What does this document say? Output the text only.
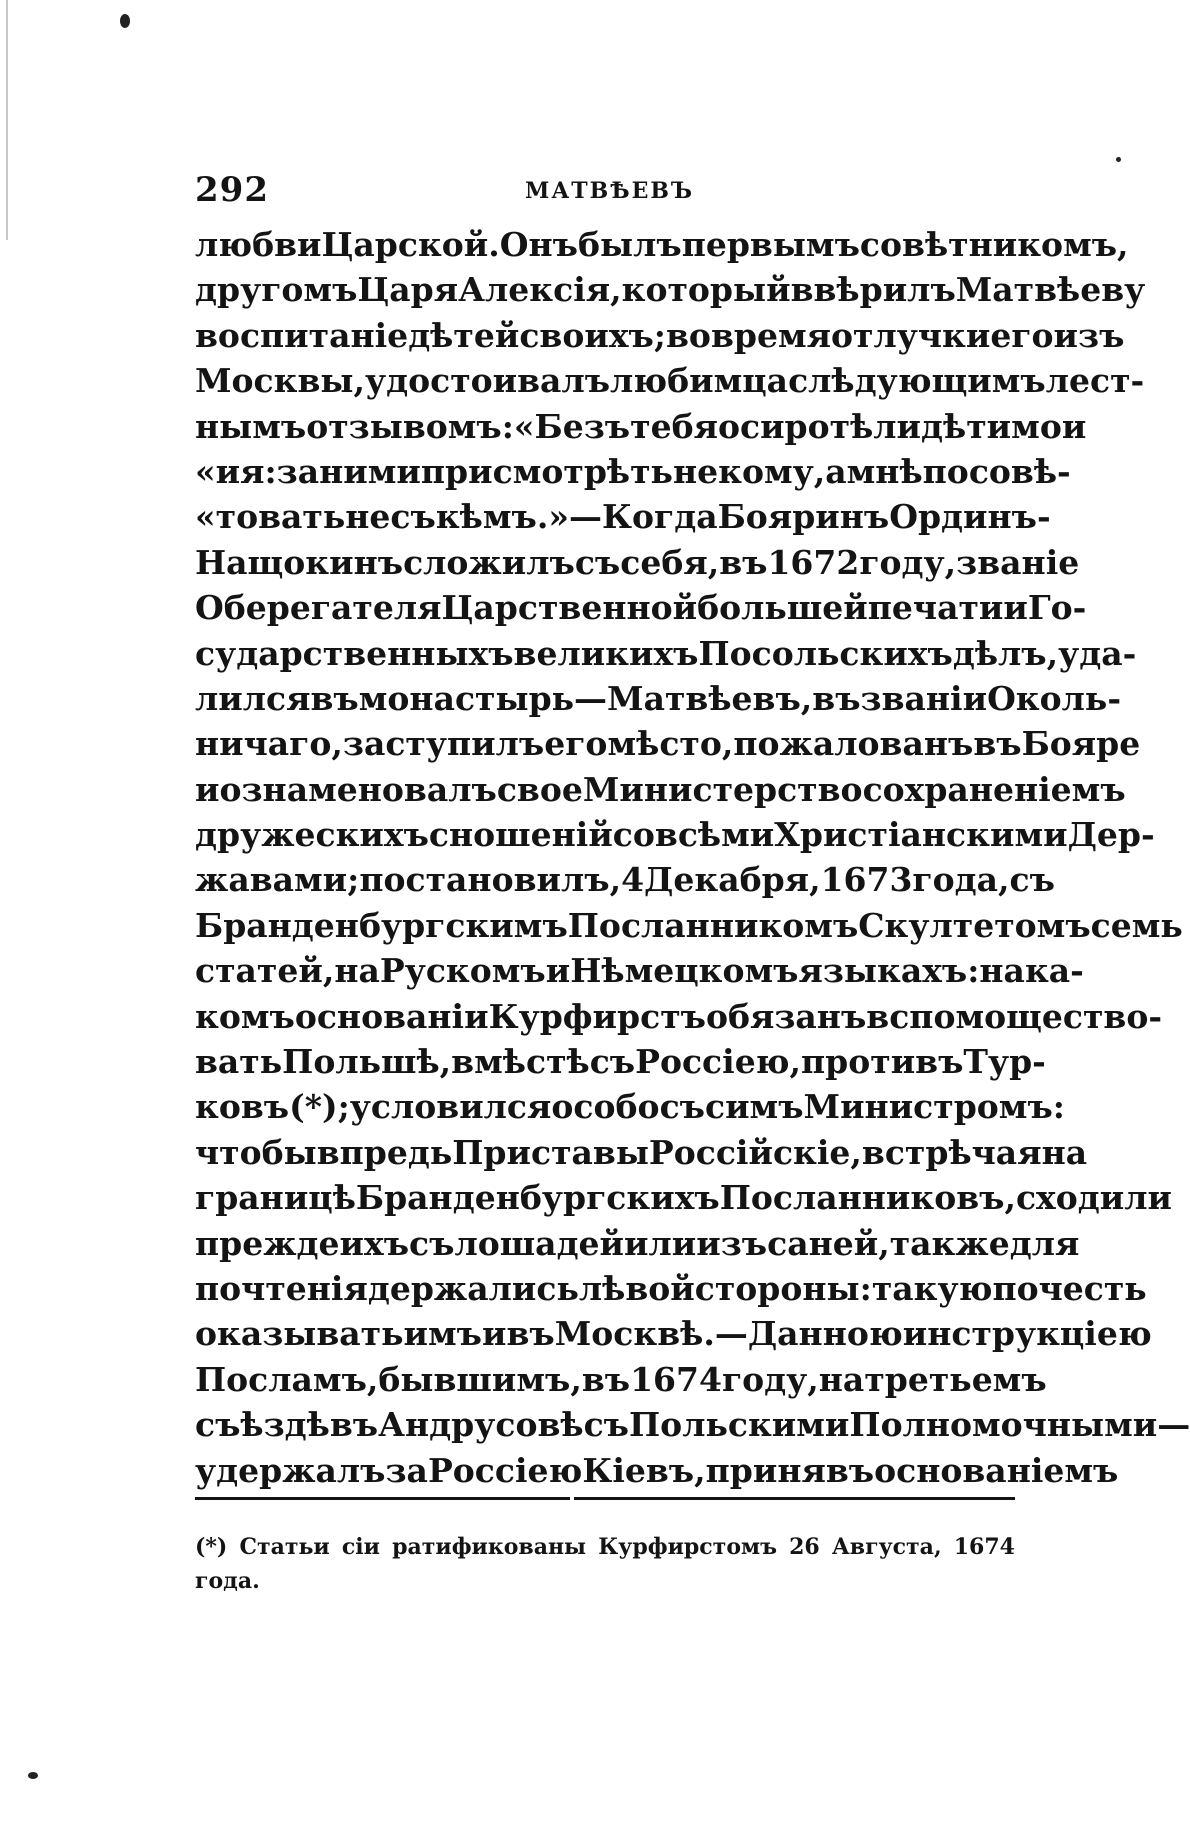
292	МАТВѢЕВЪ
любви Царской. Онъ былъ первымъ совѣтникомъ,
другомъ Царя Алексія, который ввѣрилъ Матвѣеву
воспитаніе дѣтей своихъ; во время отлучки его изъ
Москвы, удостоивалъ любимца слѣдующимъ лест-
нымъ отзывомъ: «Безъ тебя осиротѣли дѣти мои
«и я: за ними присмотрѣть не кому, а мнѣ посовѣ-
«товать не съ кѣмъ.» — Когда Бояринъ Ординъ-
Нащокинъ сложилъ съ себя, въ 1672 году, званіе
Оберегателя Царственной большей печати и Го-
сударственныхъ великихъ Посольскихъ дѣлъ, уда-
лился въ монастырь — Матвѣевъ, въ званіи Околь-
ничаго, заступилъ его мѣсто, пожалованъ въ Бояре
и ознаменовалъ свое Министерство сохраненіемъ
дружескихъ сношеній со всѣми Христіанскими Дер-
жавами; постановилъ, 4 Декабря, 1673 года, съ
Бранденбургскимъ Посланникомъ Скултетомъ семь
статей, на Рускомъ и Нѣмецкомъ языкахъ: на ка-
комъ основаніи Курфирстъ обязанъ вспомощество-
вать Польшѣ, вмѣстѣ съ Россіею, противъ Тур-
ковъ (*); условился особо съ симъ Министромъ:
чтобы впредь Приставы Россійскіе, встрѣчая на
границѣ Бранденбургскихъ Посланниковъ, сходили
прежде ихъ съ лошадей или изъ саней, также для
почтенія держались лѣвой стороны: такую почесть
оказывать имъ и въ Москвѣ. — Данною инструкціею
Посламъ, бывшимъ, въ 1674 году, на третьемъ
съѣздѣ въ Андрусовѣ съ Польскими Полномочными—
удержалъ за Россіею Кіевъ, принявъ основаніемъ
(*) Статьи сіи ратификованы Курфирстомъ 26 Августа, 1674
года.
